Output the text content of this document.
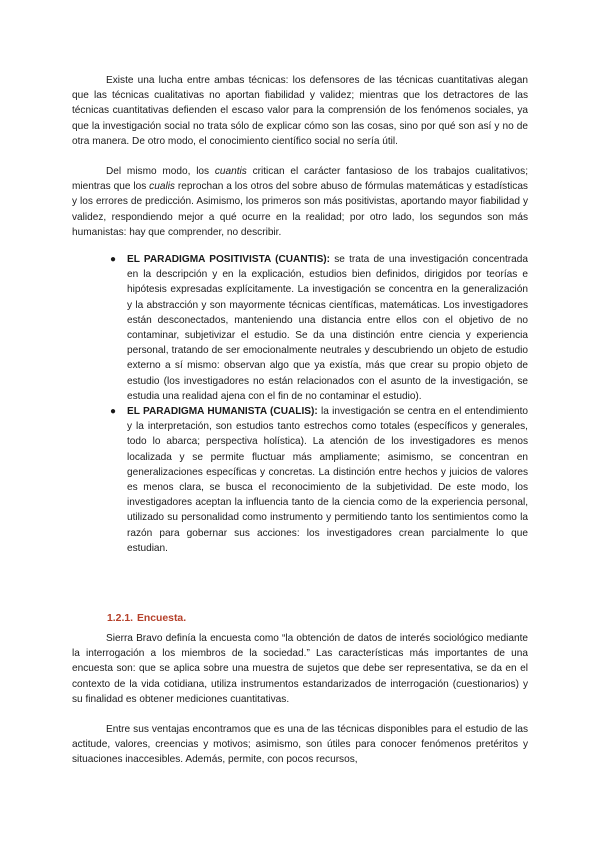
Existe una lucha entre ambas técnicas: los defensores de las técnicas cuantitativas alegan que las técnicas cualitativas no aportan fiabilidad y validez; mientras que los detractores de las técnicas cuantitativas defienden el escaso valor para la comprensión de los fenómenos sociales, ya que la investigación social no trata sólo de explicar cómo son las cosas, sino por qué son así y no de otra manera. De otro modo, el conocimiento científico social no sería útil.

Del mismo modo, los cuantis critican el carácter fantasioso de los trabajos cualitativos; mientras que los cualis reprochan a los otros del sobre abuso de fórmulas matemáticas y estadísticas y los errores de predicción. Asimismo, los primeros son más positivistas, aportando mayor fiabilidad y validez, respondiendo mejor a qué ocurre en la realidad; por otro lado, los segundos son más humanistas: hay que comprender, no describir.

● EL PARADIGMA POSITIVISTA (CUANTIS): se trata de una investigación concentrada en la descripción y en la explicación, estudios bien definidos, dirigidos por teorías e hipótesis expresadas explícitamente. La investigación se concentra en la generalización y la abstracción y son mayormente técnicas científicas, matemáticas. Los investigadores están desconectados, manteniendo una distancia entre ellos con el objetivo de no contaminar, subjetivizar el estudio. Se da una distinción entre ciencia y experiencia personal, tratando de ser emocionalmente neutrales y descubriendo un objeto de estudio externo a sí mismo: observan algo que ya existía, más que crear su propio objeto de estudio (los investigadores no están relacionados con el asunto de la investigación, se estudia una realidad ajena con el fin de no contaminar el estudio).
● EL PARADIGMA HUMANISTA (CUALIS): la investigación se centra en el entendimiento y la interpretación, son estudios tanto estrechos como totales (específicos y generales, todo lo abarca; perspectiva holística). La atención de los investigadores es menos localizada y se permite fluctuar más ampliamente; asimismo, se concentran en generalizaciones específicas y concretas. La distinción entre hechos y juicios de valores es menos clara, se busca el reconocimiento de la subjetividad. De este modo, los investigadores aceptan la influencia tanto de la ciencia como de la experiencia personal, utilizado su personalidad como instrumento y permitiendo tanto los sentimientos como la razón para gobernar sus acciones: los investigadores crean parcialmente lo que estudian.
1.2.1. Encuesta.

Sierra Bravo definía la encuesta como “la obtención de datos de interés sociológico mediante la interrogación a los miembros de la sociedad.” Las características más importantes de una encuesta son: que se aplica sobre una muestra de sujetos que debe ser representativa, se da en el contexto de la vida cotidiana, utiliza instrumentos estandarizados de interrogación (cuestionarios) y su finalidad es obtener mediciones cuantitativas.

Entre sus ventajas encontramos que es una de las técnicas disponibles para el estudio de las actitude, valores, creencias y motivos; asimismo, son útiles para conocer fenómenos pretéritos y situaciones inaccesibles. Además, permite, con pocos recursos,
